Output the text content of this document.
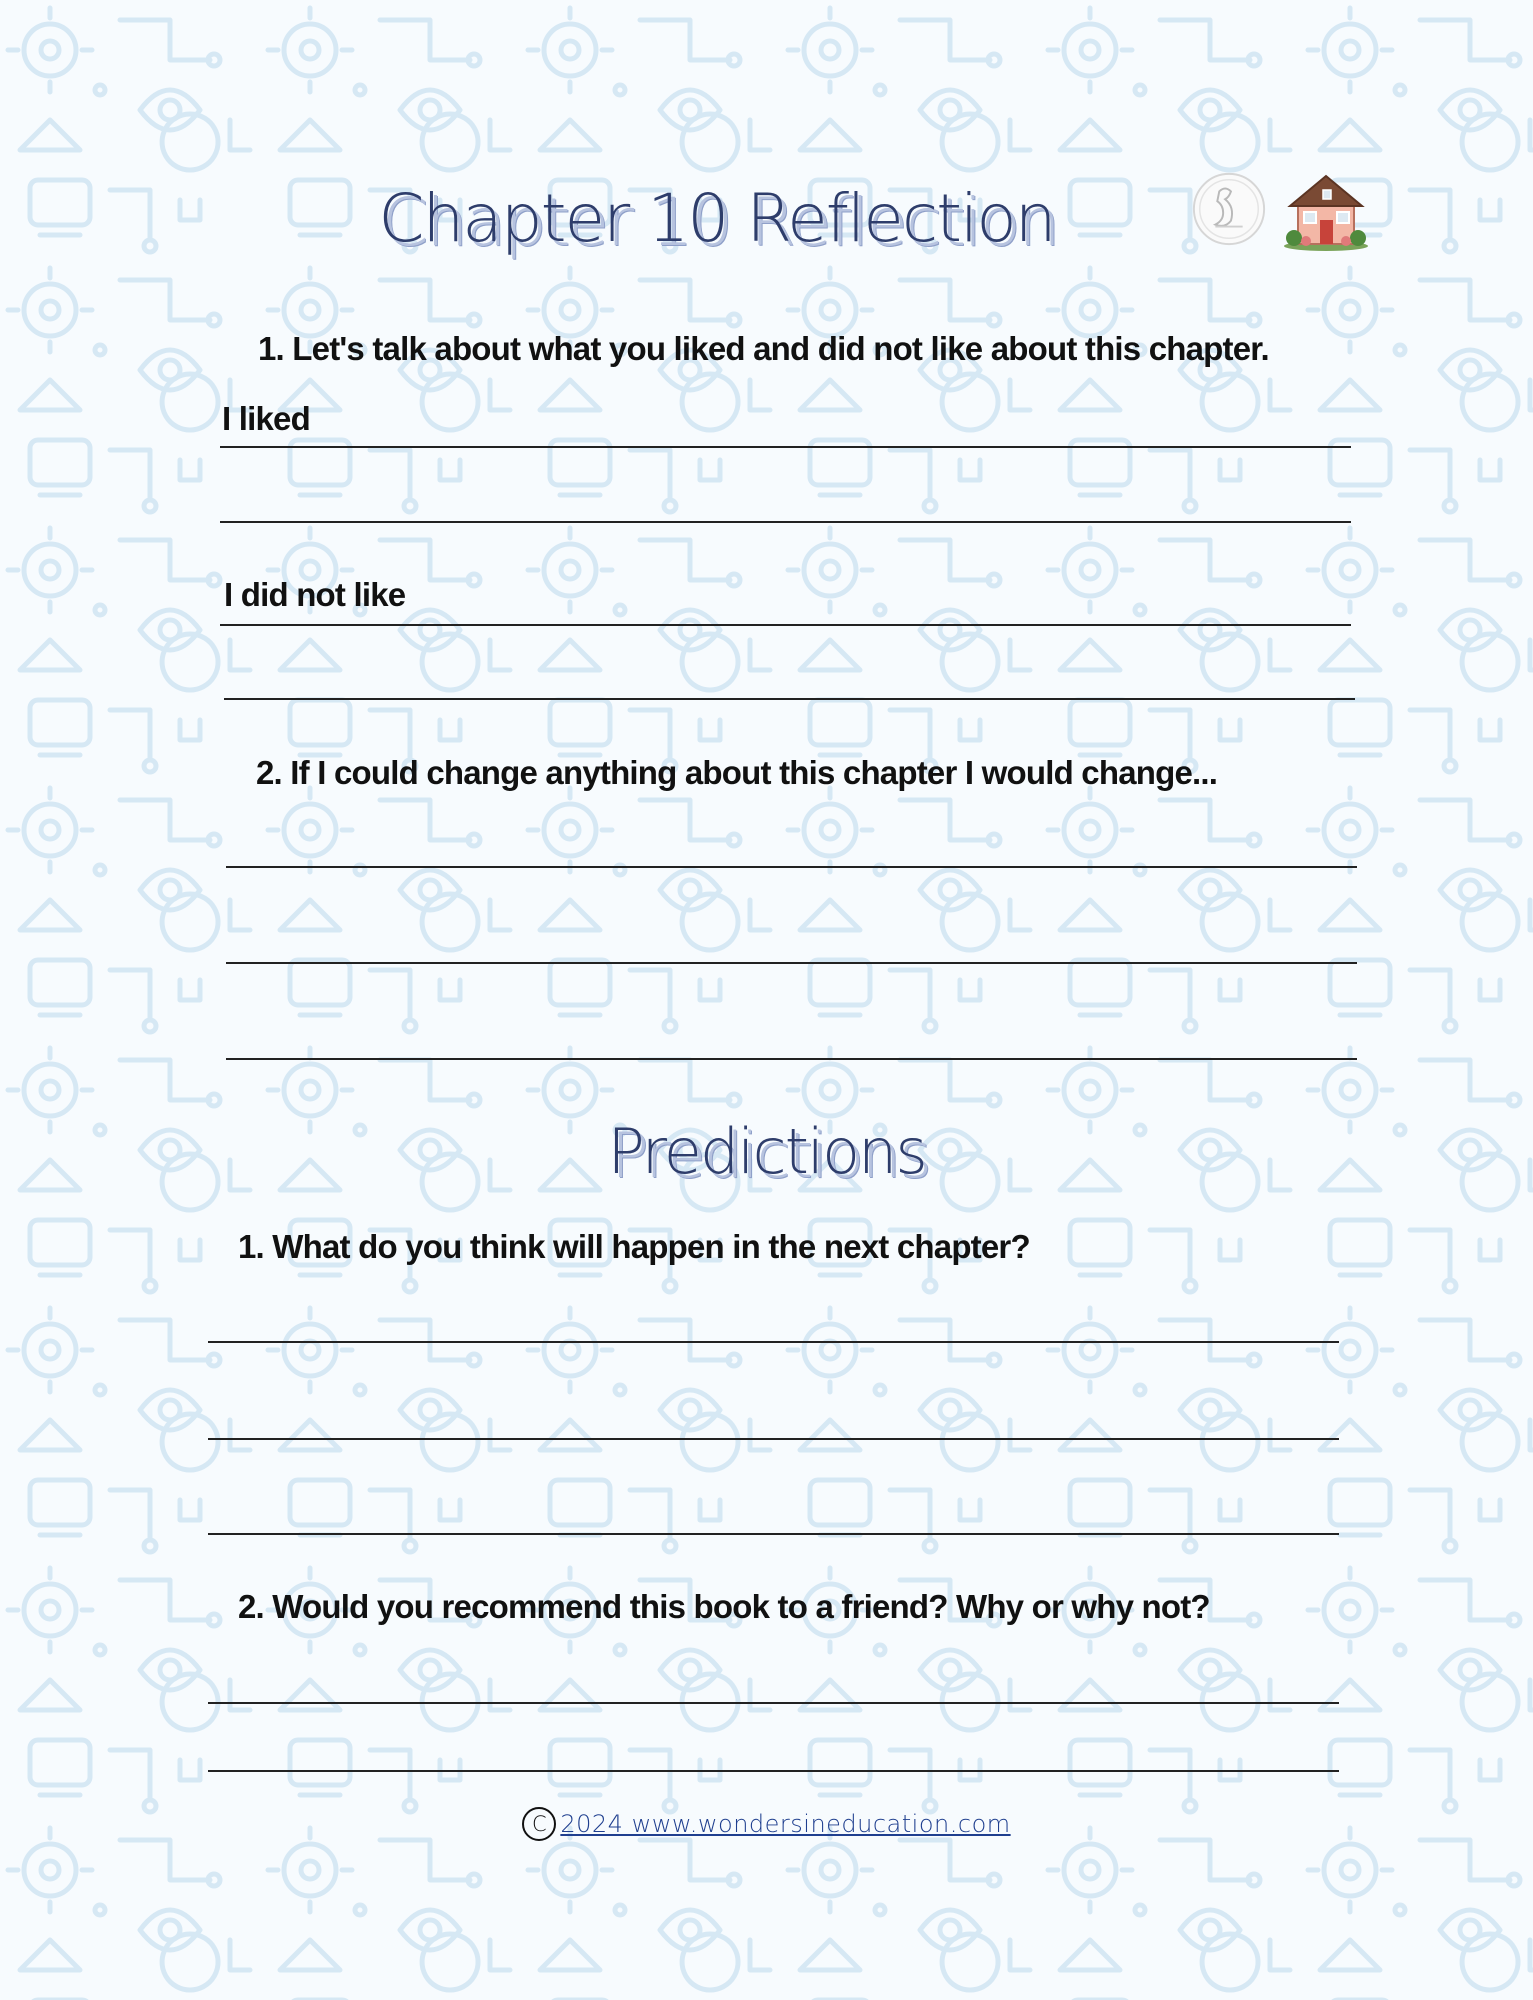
Chapter 10 Reflection
1. Let's talk about what you liked and did not like about this chapter.
I liked
I did not like
2. If I could change anything about this chapter I would change...
Predictions
1. What do you think will happen in the next chapter?
2. Would you recommend this book to a friend? Why or why not?
C 2024 www.wondersineducation.com
